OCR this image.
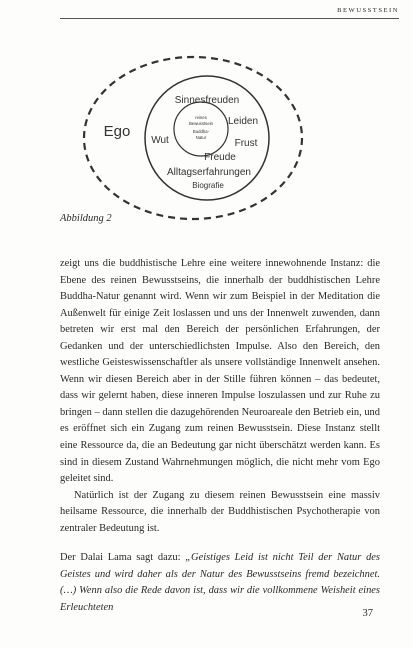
BEWUSSTSEIN
Ego
Sinnesfreuden
Leiden
Wut	Frust
Freude
Alltagserfahrungen
Biografie
reines
Bewusstsein
Buddha-
Natur
Abbildung 2

zeigt uns die buddhistische Lehre eine weitere innewohnende Instanz: die Ebene des reinen Bewusstseins, die innerhalb der buddhistischen Lehre Buddha-Natur genannt wird. Wenn wir zum Beispiel in der Meditation die Außenwelt für einige Zeit loslassen und uns der Innenwelt zuwenden, dann betreten wir erst mal den Bereich der persönlichen Erfahrungen, der Gedanken und der unterschiedlichsten Impulse. Also den Bereich, den westliche Geisteswissenschaftler als unsere vollständige Innenwelt ansehen. Wenn wir diesen Bereich aber in der Stille führen können – das bedeutet, dass wir gelernt haben, diese inneren Impulse loszulassen und zur Ruhe zu bringen – dann stellen die dazugehörenden Neuroareale den Betrieb ein, und es eröffnet sich ein Zugang zum reinen Bewusstsein. Diese Instanz stellt eine Ressource da, die an Bedeutung gar nicht überschätzt werden kann. Es sind in diesem Zustand Wahrnehmungen möglich, die nicht mehr vom Ego geleitet sind.

Natürlich ist der Zugang zu diesem reinen Bewusstsein eine massiv heilsame Ressource, die innerhalb der Buddhistischen Psychotherapie von zentraler Bedeutung ist.

Der Dalai Lama sagt dazu: „Geistiges Leid ist nicht Teil der Natur des Geistes und wird daher als der Natur des Bewusstseins fremd bezeichnet. (…) Wenn also die Rede davon ist, dass wir die vollkommene Weisheit eines Erleuchteten

37
